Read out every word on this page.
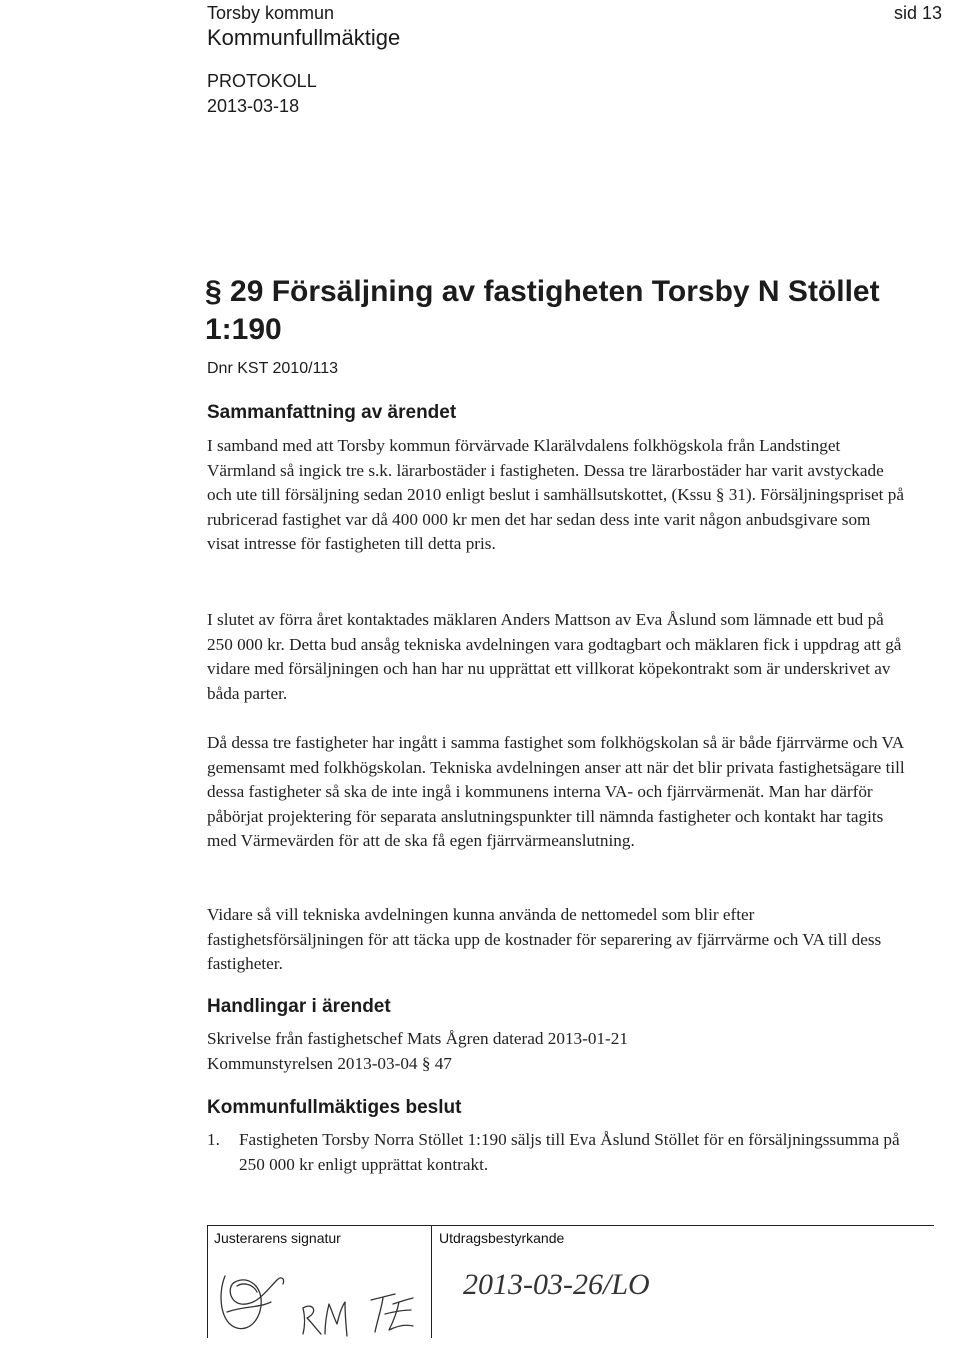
Torsby kommun
Kommunfullmäktige
PROTOKOLL
2013-03-18
sid 13
§ 29 Försäljning av fastigheten Torsby N Stöllet 1:190
Dnr KST 2010/113
Sammanfattning av ärendet

I samband med att Torsby kommun förvärvade Klarälvdalens folkhögskola från Landstinget Värmland så ingick tre s.k. lärarbostäder i fastigheten. Dessa tre lärarbostäder har varit avstyckade och ute till försäljning sedan 2010 enligt beslut i samhällsutskottet, (Kssu § 31). Försäljningspriset på rubricerad fastighet var då 400 000 kr men det har sedan dess inte varit någon anbudsgivare som visat intresse för fastigheten till detta pris.

I slutet av förra året kontaktades mäklaren Anders Mattson av Eva Åslund som lämnade ett bud på 250 000 kr. Detta bud ansåg tekniska avdelningen vara godtagbart och mäklaren fick i uppdrag att gå vidare med försäljningen och han har nu upprättat ett villkorat köpekontrakt som är underskrivet av båda parter.

Då dessa tre fastigheter har ingått i samma fastighet som folkhögskolan så är både fjärrvärme och VA gemensamt med folkhögskolan. Tekniska avdelningen anser att när det blir privata fastighetsägare till dessa fastigheter så ska de inte ingå i kommunens interna VA- och fjärrvärmenät. Man har därför påbörjat projektering för separata anslutningspunkter till nämnda fastigheter och kontakt har tagits med Värmevärden för att de ska få egen fjärrvärmeanslutning.

Vidare så vill tekniska avdelningen kunna använda de nettomedel som blir efter fastighetsförsäljningen för att täcka upp de kostnader för separering av fjärrvärme och VA till dess fastigheter.

Handlingar i ärendet

Skrivelse från fastighetschef Mats Ågren daterad 2013-01-21

Kommunstyrelsen 2013-03-04 § 47

Kommunfullmäktiges beslut
1. Fastigheten Torsby Norra Stöllet 1:190 säljs till Eva Åslund Stöllet för en försäljningssumma på 250 000 kr enligt upprättat kontrakt.
Justerarens signatur	Utdragsbestyrkande
2013-03-26/LO
